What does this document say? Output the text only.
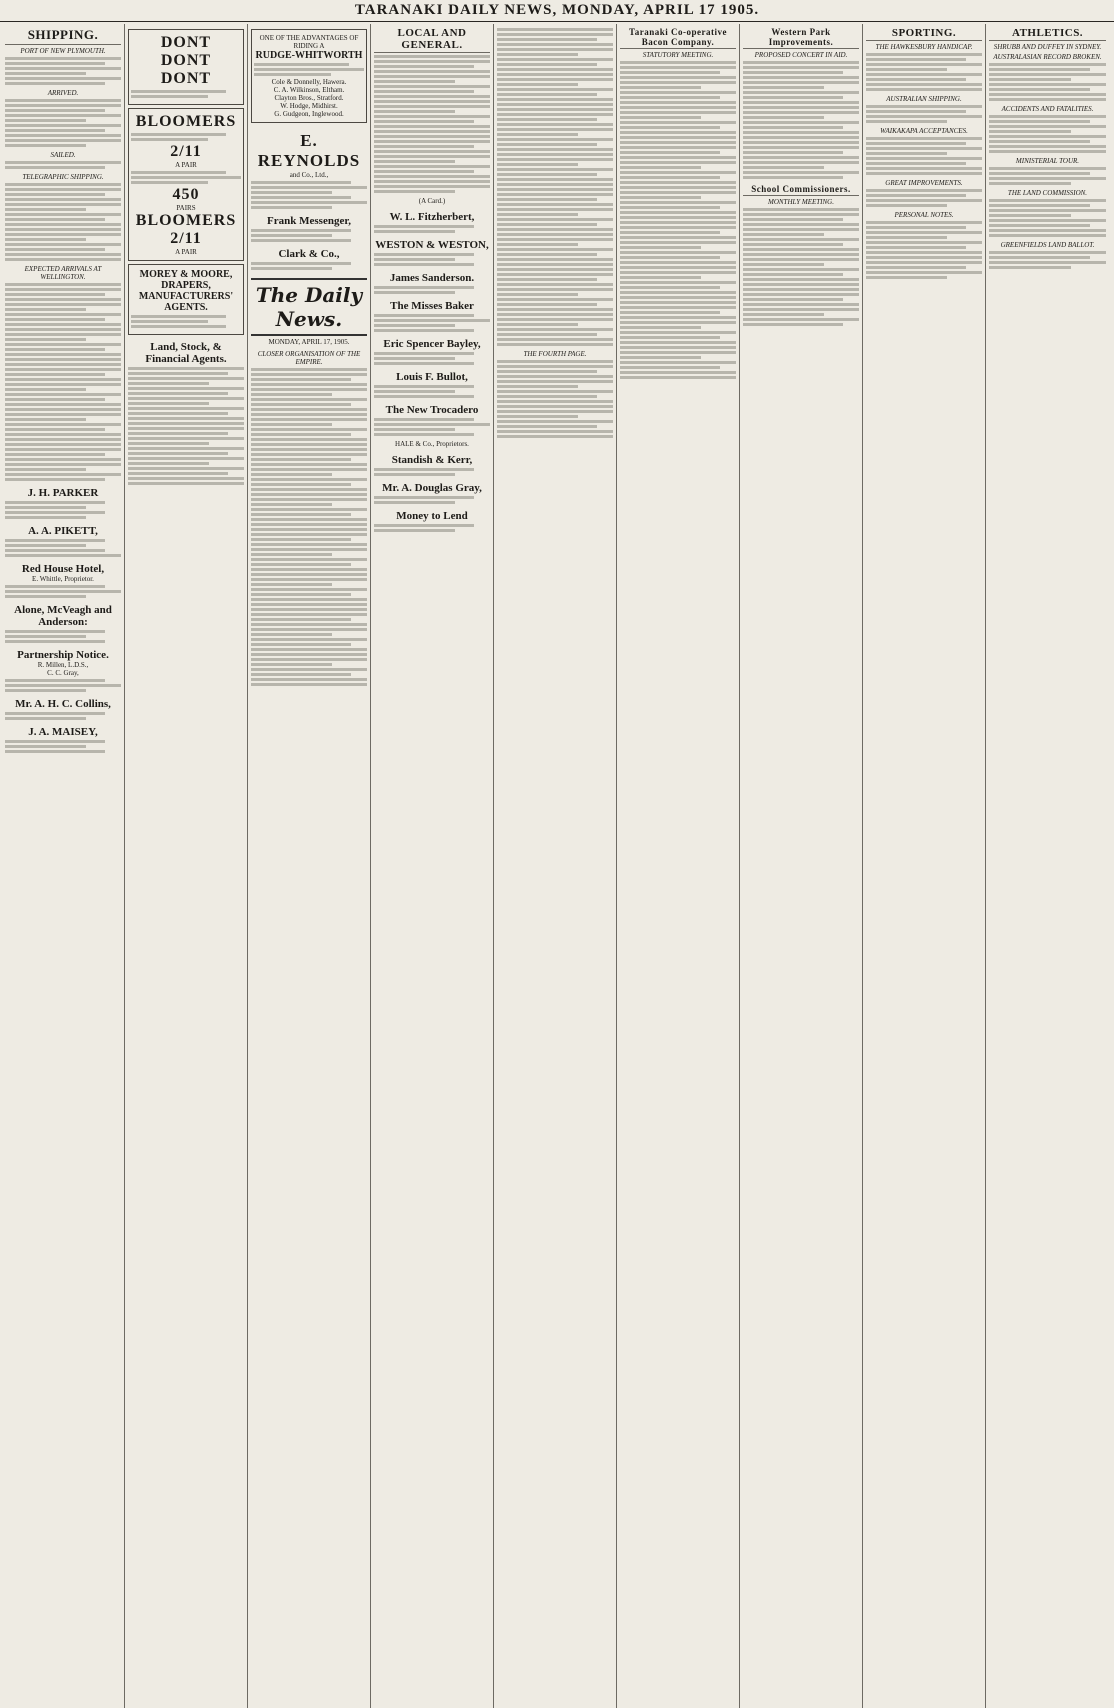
TARANAKI DAILY NEWS, MONDAY, APRIL 17 1905.
SHIPPING.
PORT OF NEW PLYMOUTH.
ARRIVED.
SAILED.
TELEGRAPHIC SHIPPING.
EXPECTED ARRIVALS AT WELLINGTON.
J. H. PARKER
A. A. PIKETT,
Red House Hotel,
E. Whittle, Proprietor.
Alone, McVeagh and Anderson:
Partnership Notice.
R. Millen, L.D.S.,
C. C. Gray,
Mr. A. H. C. Collins,
J. A. MAISEY,
DONT
DONT
DONT
BLOOMERS
2/11
A PAIR
450
PAIRS
BLOOMERS
2/11
A PAIR
MOREY & MOORE,
DRAPERS,
MANUFACTURERS' AGENTS.
Land, Stock, & Financial Agents.
ONE OF THE ADVANTAGES OF RIDING A
RUDGE-WHITWORTH
Cole & Donnelly, Hawera.
C. A. Wilkinson, Eltham.
Clayton Bros., Stratford.
W. Hodge, Midhirst.
G. Gudgeon, Inglewood.
E. REYNOLDS
and Co., Ltd.,
Frank Messenger,
Clark & Co.,
The Daily News.
MONDAY, APRIL 17, 1905.
CLOSER ORGANISATION OF THE EMPIRE.
LOCAL AND GENERAL.
(A Card.)
W. L. Fitzherbert,
WESTON & WESTON,
James Sanderson.
The Misses Baker
Eric Spencer Bayley,
Louis F. Bullot,
The New Trocadero
HALE & Co., Proprietors.
Standish & Kerr,
Mr. A. Douglas Gray,
Money to Lend
THE FOURTH PAGE.
Taranaki Co-operative Bacon Company.
STATUTORY MEETING.
Western Park Improvements.
PROPOSED CONCERT IN AID.
School Commissioners.
MONTHLY MEETING.
SPORTING.
THE HAWKESBURY HANDICAP.
AUSTRALIAN SHIPPING.
WAIKAKAPA ACCEPTANCES.
GREAT IMPROVEMENTS.
PERSONAL NOTES.
ATHLETICS.
SHRUBB AND DUFFEY IN SYDNEY.
AUSTRALASIAN RECORD BROKEN.
ACCIDENTS AND FATALITIES.
MINISTERIAL TOUR.
THE LAND COMMISSION.
GREENFIELDS LAND BALLOT.
